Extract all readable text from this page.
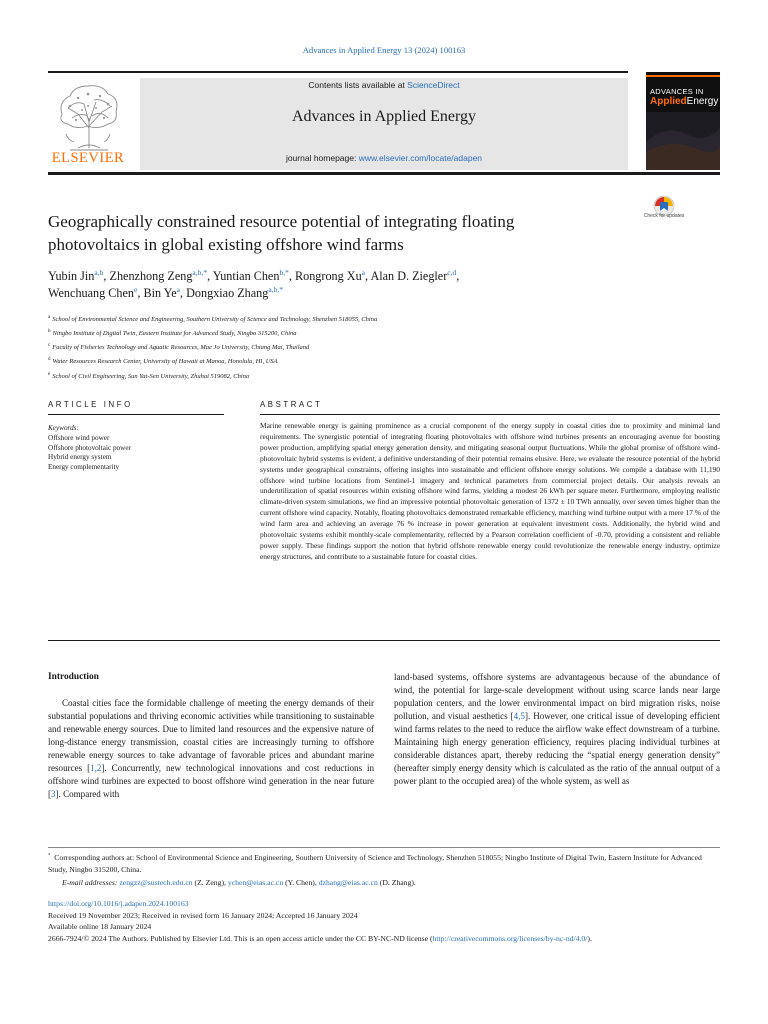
Advances in Applied Energy 13 (2024) 100163
ELSEVIER
Contents lists available at ScienceDirect
Advances in Applied Energy
journal homepage: www.elsevier.com/locate/adapen
ADVANCES IN
AppliedEnergy
Geographically constrained resource potential of integrating floating photovoltaics in global existing offshore wind farms
Check for updates
Yubin Jin$^{a,b}$, Zhenzhong Zeng$^{a,b,*}$, Yuntian Chen$^{b,*}$, Rongrong Xu$^a$, Alan D. Ziegler$^{c,d}$,
Wenchuang Chen$^e$, Bin Ye$^a$, Dongxiao Zhang$^{a,b,*}$
$^a$ School of Environmental Science and Engineering, Southern University of Science and Technology, Shenzhen 518055, China
$^b$ Ningbo Institute of Digital Twin, Eastern Institute for Advanced Study, Ningbo 315200, China
$^c$ Faculty of Fisheries Technology and Aquatic Resources, Mae Jo University, Chiang Mai, Thailand
$^d$ Water Resources Research Center, University of Hawaii at Manoa, Honolulu, HI, USA
$^e$ School of Civil Engineering, Sun Yat-Sen University, Zhuhai 519082, China
ARTICLE INFO
Keywords:
Offshore wind power
Offshore photovoltaic power
Hybrid energy system
Energy complementarity
ABSTRACT
Marine renewable energy is gaining prominence as a crucial component of the energy supply in coastal cities due to proximity and minimal land requirements. The synergistic potential of integrating floating photovoltaics with offshore wind turbines presents an encouraging avenue for boosting power production, amplifying spatial energy generation density, and mitigating seasonal output fluctuations. While the global promise of offshore wind-photovoltaic hybrid systems is evident, a definitive understanding of their potential remains elusive. Here, we evaluate the resource potential of the hybrid systems under geographical constraints, offering insights into sustainable and efficient offshore energy solutions. We compile a database with 11,190 offshore wind turbine locations from Sentinel-1 imagery and technical parameters from commercial project details. Our analysis reveals an underutilization of spatial resources within existing offshore wind farms, yielding a modest 26 kWh per square meter. Furthermore, employing realistic climate-driven system simulations, we find an impressive potential photovoltaic generation of 1372 ± 10 TWh annually, over seven times higher than the current offshore wind capacity. Notably, floating photovoltaics demonstrated remarkable efficiency, matching wind turbine output with a mere 17 % of the wind farm area and achieving an average 76 % increase in power generation at equivalent investment costs. Additionally, the hybrid wind and photovoltaic systems exhibit monthly-scale complementarity, reflected by a Pearson correlation coefficient of -0.70, providing a consistent and reliable power supply. These findings support the notion that hybrid offshore renewable energy could revolutionize the renewable energy industry, optimize energy structures, and contribute to a sustainable future for coastal cities.
Introduction
Coastal cities face the formidable challenge of meeting the energy demands of their substantial populations and thriving economic activities while transitioning to sustainable and renewable energy sources. Due to limited land resources and the expensive nature of long-distance energy transmission, coastal cities are increasingly turning to offshore renewable energy sources to take advantage of favorable prices and abundant marine resources [1,2]. Concurrently, new technological innovations and cost reductions in offshore wind turbines are expected to boost offshore wind generation in the near future [3]. Compared with
land-based systems, offshore systems are advantageous because of the abundance of wind, the potential for large-scale development without using scarce lands near large population centers, and the lower environmental impact on bird migration risks, noise pollution, and visual aesthetics [4,5]. However, one critical issue of developing efficient wind farms relates to the need to reduce the airflow wake effect downstream of a turbine. Maintaining high energy generation efficiency, requires placing individual turbines at considerable distances apart, thereby reducing the “spatial energy generation density” (hereafter simply energy density which is calculated as the ratio of the annual output of a power plant to the occupied area) of the whole system, as well as
* Corresponding authors at: School of Environmental Science and Engineering, Southern University of Science and Technology, Shenzhen 518055; Ningbo Institute of Digital Twin, Eastern Institute for Advanced Study, Ningbo 315200, China.
E-mail addresses: zengzz@sustech.edu.cn (Z. Zeng), ychen@eias.ac.cn (Y. Chen), dzhang@eias.ac.cn (D. Zhang).
https://doi.org/10.1016/j.adapen.2024.100163
Received 19 November 2023; Received in revised form 16 January 2024; Accepted 16 January 2024
Available online 18 January 2024
2666-7924/© 2024 The Authors. Published by Elsevier Ltd. This is an open access article under the CC BY-NC-ND license (http://creativecommons.org/licenses/by-nc-nd/4.0/).
